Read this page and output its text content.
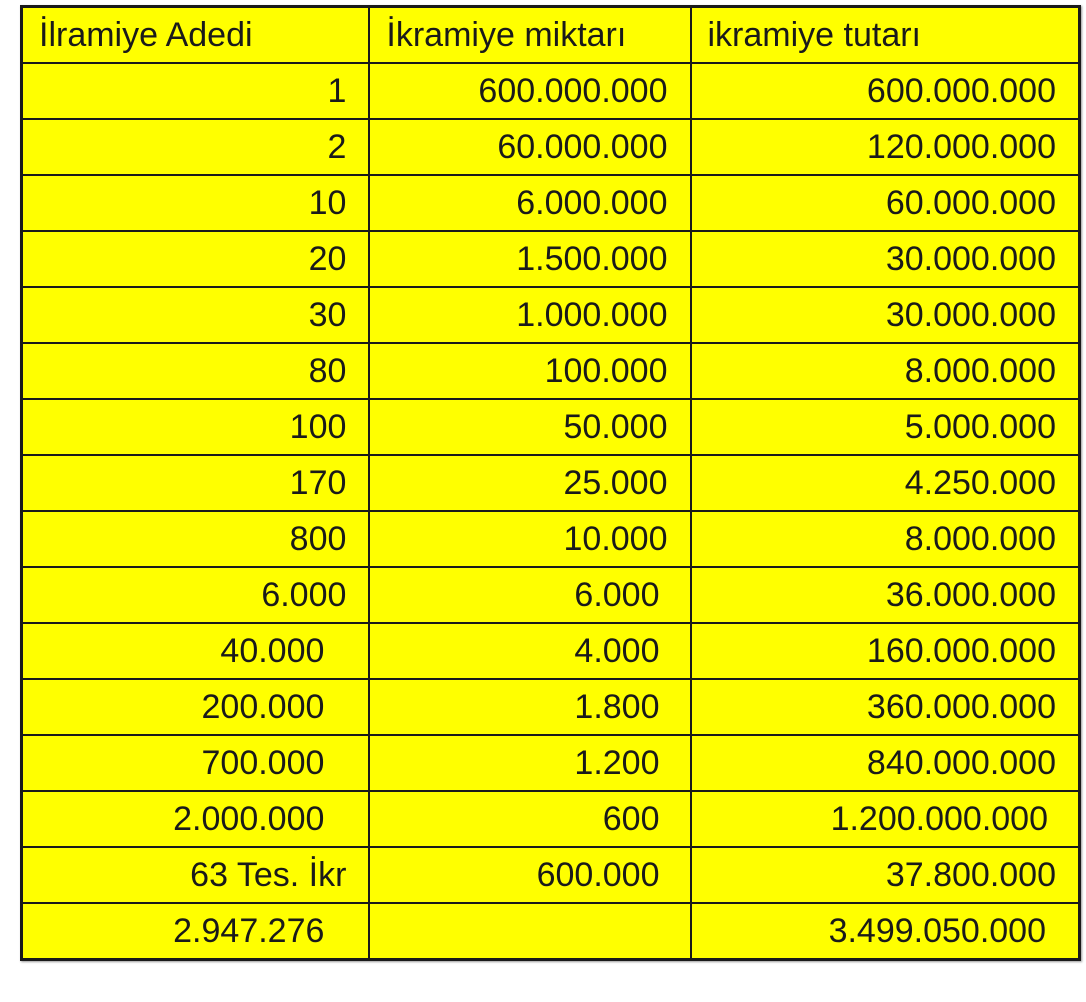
İlramiye Adedi	İkramiye miktarı	ikramiye tutarı
1	600.000.000	600.000.000
2	60.000.000	120.000.000
10	6.000.000	60.000.000
20	1.500.000	30.000.000
30	1.000.000	30.000.000
80	100.000	8.000.000
100	50.000	5.000.000
170	25.000	4.250.000
800	10.000	8.000.000
6.000	6.000	36.000.000
40.000	4.000	160.000.000
200.000	1.800	360.000.000
700.000	1.200	840.000.000
2.000.000	600	1.200.000.000
63 Tes. İkr	600.000	37.800.000
2.947.276		3.499.050.000
